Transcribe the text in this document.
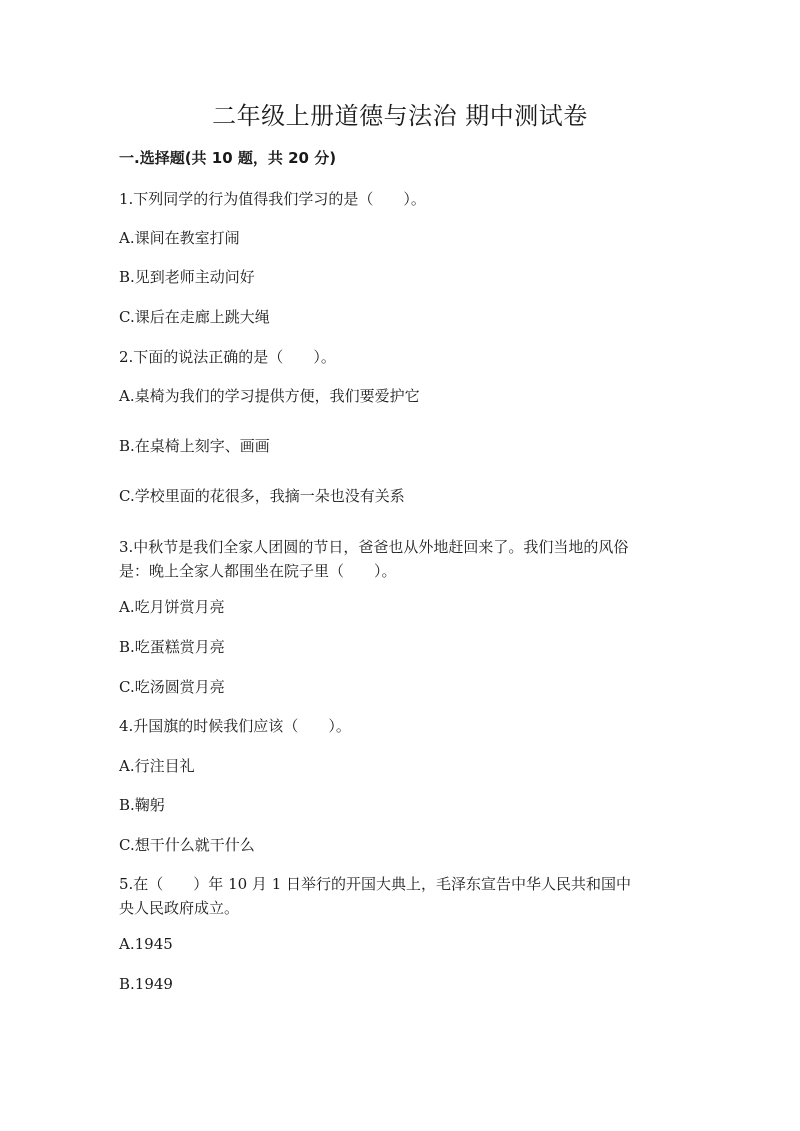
二年级上册道德与法治 期中测试卷
一.选择题(共 10 题，共 20 分)
1.下列同学的行为值得我们学习的是（　　）。
A.课间在教室打闹
B.见到老师主动问好
C.课后在走廊上跳大绳
2.下面的说法正确的是（　　）。
A.桌椅为我们的学习提供方便，我们要爱护它
B.在桌椅上刻字、画画
C.学校里面的花很多，我摘一朵也没有关系
3.中秋节是我们全家人团圆的节日，爸爸也从外地赶回来了。我们当地的风俗
是：晚上全家人都围坐在院子里（　　）。
A.吃月饼赏月亮
B.吃蛋糕赏月亮
C.吃汤圆赏月亮
4.升国旗的时候我们应该（　　）。
A.行注目礼
B.鞠躬
C.想干什么就干什么
5.在（　　）年 10 月 1 日举行的开国大典上，毛泽东宣告中华人民共和国中
央人民政府成立。
A.1945
B.1949
